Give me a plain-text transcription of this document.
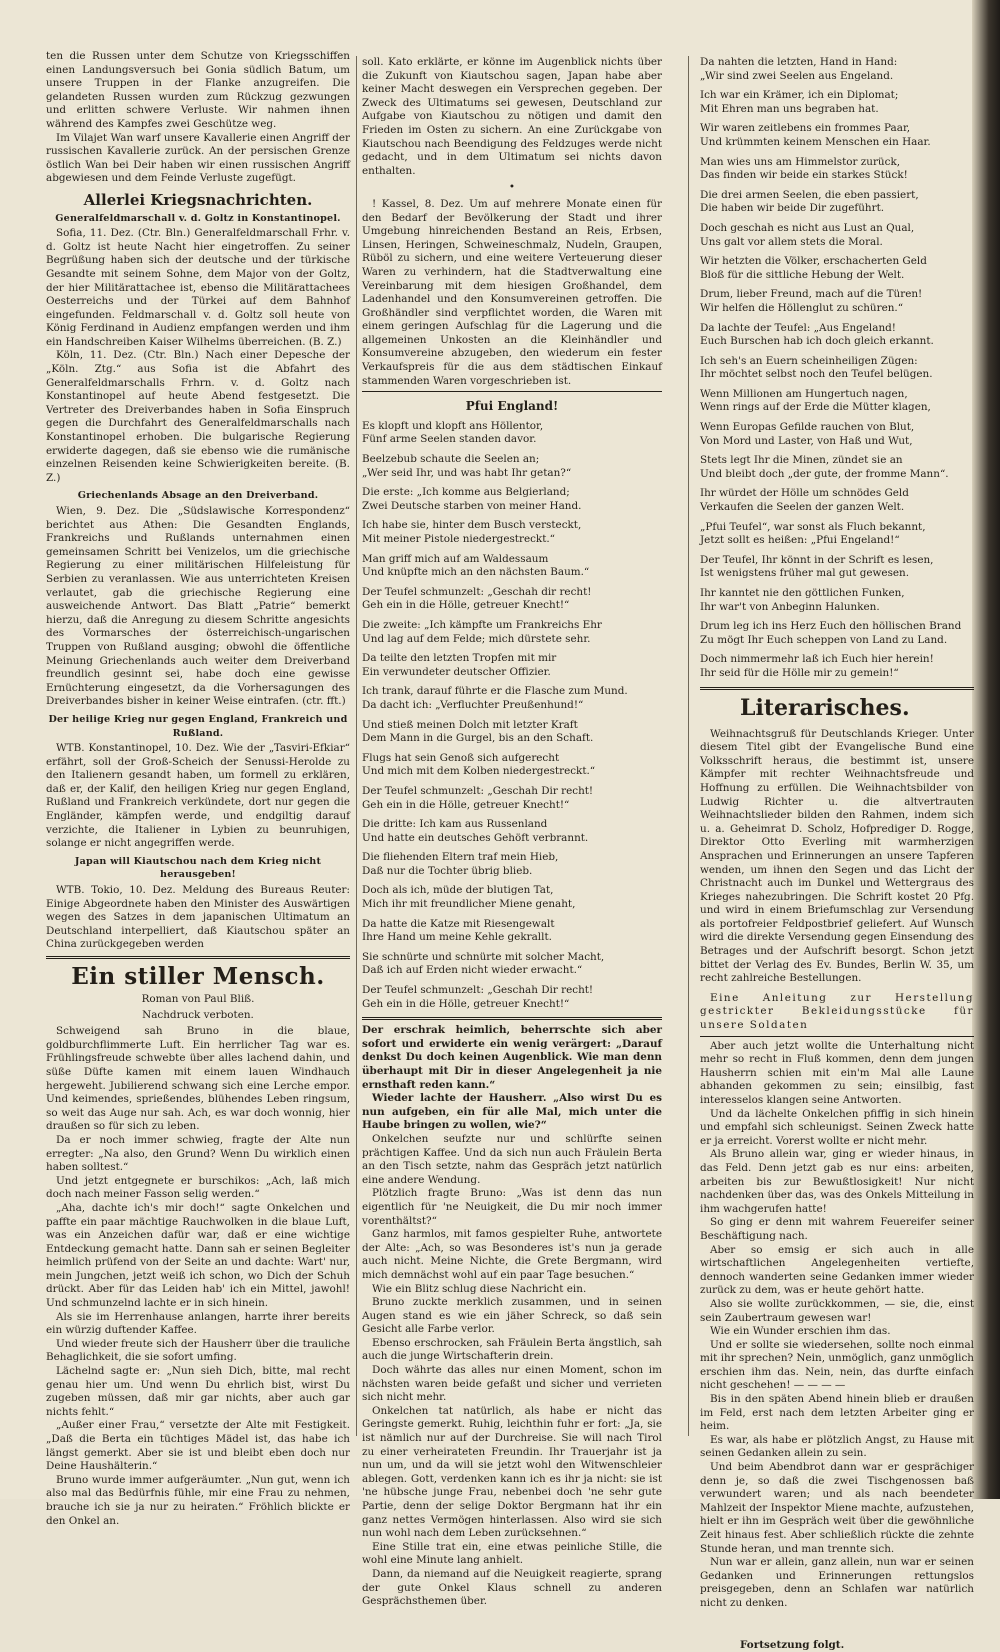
ten die Russen unter dem Schutze von Kriegsschiffen einen Landungsversuch bei Gonia südlich Batum, um unsere Truppen in der Flanke anzugreifen. Die gelandeten Russen wurden zum Rückzug gezwungen und erlitten schwere Verluste. Wir nahmen ihnen während des Kampfes zwei Geschütze weg.

Im Vilajet Wan warf unsere Kavallerie einen Angriff der russischen Kavallerie zurück. An der persischen Grenze östlich Wan bei Deir haben wir einen russischen Angriff abgewiesen und dem Feinde Verluste zugefügt.

Allerlei Kriegsnachrichten.
Generalfeldmarschall v. d. Goltz in Konstantinopel.

Sofia, 11. Dez. (Ctr. Bln.) Generalfeldmarschall Frhr. v. d. Goltz ist heute Nacht hier eingetroffen. Zu seiner Begrüßung haben sich der deutsche und der türkische Gesandte mit seinem Sohne, dem Major von der Goltz, der hier Militärattachee ist, ebenso die Militärattachees Oesterreichs und der Türkei auf dem Bahnhof eingefunden. Feldmarschall v. d. Goltz soll heute von König Ferdinand in Audienz empfangen werden und ihm ein Handschreiben Kaiser Wilhelms überreichen. (B. Z.)

Köln, 11. Dez. (Ctr. Bln.) Nach einer Depesche der „Köln. Ztg.“ aus Sofia ist die Abfahrt des Generalfeldmarschalls Frhrn. v. d. Goltz nach Konstantinopel auf heute Abend festgesetzt. Die Vertreter des Dreiverbandes haben in Sofia Einspruch gegen die Durchfahrt des Generalfeldmarschalls nach Konstantinopel erhoben. Die bulgarische Regierung erwiderte dagegen, daß sie ebenso wie die rumänische einzelnen Reisenden keine Schwierigkeiten bereite. (B. Z.)

Griechenlands Absage an den Dreiverband.

Wien, 9. Dez. Die „Südslawische Korrespondenz“ berichtet aus Athen: Die Gesandten Englands, Frankreichs und Rußlands unternahmen einen gemeinsamen Schritt bei Venizelos, um die griechische Regierung zu einer militärischen Hilfeleistung für Serbien zu veranlassen. Wie aus unterrichteten Kreisen verlautet, gab die griechische Regierung eine ausweichende Antwort. Das Blatt „Patrie“ bemerkt hierzu, daß die Anregung zu diesem Schritte angesichts des Vormarsches der österreichisch-ungarischen Truppen von Rußland ausging; obwohl die öffentliche Meinung Griechenlands auch weiter dem Dreiverband freundlich gesinnt sei, habe doch eine gewisse Ernüchterung eingesetzt, da die Vorhersagungen des Dreiverbandes bisher in keiner Weise eintrafen. (ctr. fft.)

Der heilige Krieg nur gegen England, Frankreich und Rußland.

WTB. Konstantinopel, 10. Dez. Wie der „Tasviri-Efkiar“ erfährt, soll der Groß-Scheich der Senussi-Herolde zu den Italienern gesandt haben, um formell zu erklären, daß er, der Kalif, den heiligen Krieg nur gegen England, Rußland und Frankreich verkündete, dort nur gegen die Engländer, kämpfen werde, und endgiltig darauf verzichte, die Italiener in Lybien zu beunruhigen, solange er nicht angegriffen werde.

Japan will Kiautschou nach dem Krieg nicht herausgeben!

WTB. Tokio, 10. Dez. Meldung des Bureaus Reuter: Einige Abgeordnete haben den Minister des Auswärtigen wegen des Satzes in dem japanischen Ultimatum an Deutschland interpelliert, daß Kiautschou später an China zurückgegeben werden

Ein stiller Mensch.
Roman von Paul Bliß.
Nachdruck verboten.

Schweigend sah Bruno in die blaue, goldburchflimmerte Luft. Ein herrlicher Tag war es. Frühlingsfreude schwebte über alles lachend dahin, und süße Düfte kamen mit einem lauen Windhauch hergeweht. Jubilierend schwang sich eine Lerche empor. Und keimendes, sprießendes, blühendes Leben ringsum, so weit das Auge nur sah. Ach, es war doch wonnig, hier draußen so für sich zu leben.

Da er noch immer schwieg, fragte der Alte nun erregter: „Na also, den Grund? Wenn Du wirklich einen haben solltest.“

Und jetzt entgegnete er burschikos: „Ach, laß mich doch nach meiner Fasson selig werden.“

„Aha, dachte ich's mir doch!“ sagte Onkelchen und paffte ein paar mächtige Rauchwolken in die blaue Luft, was ein Anzeichen dafür war, daß er eine wichtige Entdeckung gemacht hatte. Dann sah er seinen Begleiter heimlich prüfend von der Seite an und dachte: Wart' nur, mein Jungchen, jetzt weiß ich schon, wo Dich der Schuh drückt. Aber für das Leiden hab' ich ein Mittel, jawohl! Und schmunzelnd lachte er in sich hinein.

Als sie im Herrenhause anlangen, harrte ihrer bereits ein würzig duftender Kaffee.

Und wieder freute sich der Hausherr über die trauliche Behaglichkeit, die sie sofort umfing.

Lächelnd sagte er: „Nun sieh Dich, bitte, mal recht genau hier um. Und wenn Du ehrlich bist, wirst Du zugeben müssen, daß mir gar nichts, aber auch gar nichts fehlt.“

„Außer einer Frau,“ versetzte der Alte mit Festigkeit. „Daß die Berta ein tüchtiges Mädel ist, das habe ich längst gemerkt. Aber sie ist und bleibt eben doch nur Deine Haushälterin.“

Bruno wurde immer aufgeräumter. „Nun gut, wenn ich also mal das Bedürfnis fühle, mir eine Frau zu nehmen, brauche ich sie ja nur zu heiraten.“ Fröhlich blickte er den Onkel an.

soll. Kato erklärte, er könne im Augenblick nichts über die Zukunft von Kiautschou sagen, Japan habe aber keiner Macht deswegen ein Versprechen gegeben. Der Zweck des Ultimatums sei gewesen, Deutschland zur Aufgabe von Kiautschou zu nötigen und damit den Frieden im Osten zu sichern. An eine Zurückgabe von Kiautschou nach Beendigung des Feldzuges werde nicht gedacht, und in dem Ultimatum sei nichts davon enthalten.

•

! Kassel, 8. Dez. Um auf mehrere Monate einen für den Bedarf der Bevölkerung der Stadt und ihrer Umgebung hinreichenden Bestand an Reis, Erbsen, Linsen, Heringen, Schweineschmalz, Nudeln, Graupen, Rüböl zu sichern, und eine weitere Verteuerung dieser Waren zu verhindern, hat die Stadtverwaltung eine Vereinbarung mit dem hiesigen Großhandel, dem Ladenhandel und den Konsumvereinen getroffen. Die Großhändler sind verpflichtet worden, die Waren mit einem geringen Aufschlag für die Lagerung und die allgemeinen Unkosten an die Kleinhändler und Konsumvereine abzugeben, den wiederum ein fester Verkaufspreis für die aus dem städtischen Einkauf stammenden Waren vorgeschrieben ist.

Pfui England!
Es klopft und klopft ans Höllentor,
Fünf arme Seelen standen davor.
Beelzebub schaute die Seelen an;
„Wer seid Ihr, und was habt Ihr getan?“
Die erste: „Ich komme aus Belgierland;
Zwei Deutsche starben von meiner Hand.
Ich habe sie, hinter dem Busch versteckt,
Mit meiner Pistole niedergestreckt.“
Man griff mich auf am Waldessaum
Und knüpfte mich an den nächsten Baum.“
Der Teufel schmunzelt: „Geschah dir recht!
Geh ein in die Hölle, getreuer Knecht!“
Die zweite: „Ich kämpfte um Frankreichs Ehr
Und lag auf dem Felde; mich dürstete sehr.
Da teilte den letzten Tropfen mit mir
Ein verwundeter deutscher Offizier.
Ich trank, darauf führte er die Flasche zum Mund.
Da dacht ich: „Verfluchter Preußenhund!“
Und stieß meinen Dolch mit letzter Kraft
Dem Mann in die Gurgel, bis an den Schaft.
Flugs hat sein Genoß sich aufgerecht
Und mich mit dem Kolben niedergestreckt.“
Der Teufel schmunzelt: „Geschah Dir recht!
Geh ein in die Hölle, getreuer Knecht!“
Die dritte: Ich kam aus Russenland
Und hatte ein deutsches Gehöft verbrannt.
Die fliehenden Eltern traf mein Hieb,
Daß nur die Tochter übrig blieb.
Doch als ich, müde der blutigen Tat,
Mich ihr mit freundlicher Miene genaht,
Da hatte die Katze mit Riesengewalt
Ihre Hand um meine Kehle gekrallt.
Sie schnürte und schnürte mit solcher Macht,
Daß ich auf Erden nicht wieder erwacht.“
Der Teufel schmunzelt: „Geschah Dir recht!
Geh ein in die Hölle, getreuer Knecht!“

Der erschrak heimlich, beherrschte sich aber sofort und erwiderte ein wenig verärgert: „Darauf denkst Du doch keinen Augenblick. Wie man denn überhaupt mit Dir in dieser Angelegenheit ja nie ernsthaft reden kann.“

Wieder lachte der Hausherr. „Also wirst Du es nun aufgeben, ein für alle Mal, mich unter die Haube bringen zu wollen, wie?“

Onkelchen seufzte nur und schlürfte seinen prächtigen Kaffee. Und da sich nun auch Fräulein Berta an den Tisch setzte, nahm das Gespräch jetzt natürlich eine andere Wendung.

Plötzlich fragte Bruno: „Was ist denn das nun eigentlich für 'ne Neuigkeit, die Du mir noch immer vorenthältst?“

Ganz harmlos, mit famos gespielter Ruhe, antwortete der Alte: „Ach, so was Besonderes ist's nun ja gerade auch nicht. Meine Nichte, die Grete Bergmann, wird mich demnächst wohl auf ein paar Tage besuchen.“

Wie ein Blitz schlug diese Nachricht ein.

Bruno zuckte merklich zusammen, und in seinen Augen stand es wie ein jäher Schreck, so daß sein Gesicht alle Farbe verlor.

Ebenso erschrocken, sah Fräulein Berta ängstlich, sah auch die junge Wirtschafterin drein.

Doch währte das alles nur einen Moment, schon im nächsten waren beide gefaßt und sicher und verrieten sich nicht mehr.

Onkelchen tat natürlich, als habe er nicht das Geringste gemerkt. Ruhig, leichthin fuhr er fort: „Ja, sie ist nämlich nur auf der Durchreise. Sie will nach Tirol zu einer verheirateten Freundin. Ihr Trauerjahr ist ja nun um, und da will sie jetzt wohl den Witwenschleier ablegen. Gott, verdenken kann ich es ihr ja nicht: sie ist 'ne hübsche junge Frau, nebenbei doch 'ne sehr gute Partie, denn der selige Doktor Bergmann hat ihr ein ganz nettes Vermögen hinterlassen. Also wird sie sich nun wohl nach dem Leben zurücksehnen.“

Eine Stille trat ein, eine etwas peinliche Stille, die wohl eine Minute lang anhielt.

Dann, da niemand auf die Neuigkeit reagierte, sprang der gute Onkel Klaus schnell zu anderen Gesprächsthemen über.

Da nahten die letzten, Hand in Hand:
„Wir sind zwei Seelen aus Engeland.
Ich war ein Krämer, ich ein Diplomat;
Mit Ehren man uns begraben hat.
Wir waren zeitlebens ein frommes Paar,
Und krümmten keinem Menschen ein Haar.
Man wies uns am Himmelstor zurück,
Das finden wir beide ein starkes Stück!
Die drei armen Seelen, die eben passiert,
Die haben wir beide Dir zugeführt.
Doch geschah es nicht aus Lust an Qual,
Uns galt vor allem stets die Moral.
Wir hetzten die Völker, erschacherten Geld
Bloß für die sittliche Hebung der Welt.
Drum, lieber Freund, mach auf die Türen!
Wir helfen die Höllenglut zu schüren.“
Da lachte der Teufel: „Aus Engeland!
Euch Burschen hab ich doch gleich erkannt.
Ich seh's an Euern scheinheiligen Zügen:
Ihr möchtet selbst noch den Teufel belügen.
Wenn Millionen am Hungertuch nagen,
Wenn rings auf der Erde die Mütter klagen,
Wenn Europas Gefilde rauchen von Blut,
Von Mord und Laster, von Haß und Wut,
Stets legt Ihr die Minen, zündet sie an
Und bleibt doch „der gute, der fromme Mann“.
Ihr würdet der Hölle um schnödes Geld
Verkaufen die Seelen der ganzen Welt.
„Pfui Teufel“, war sonst als Fluch bekannt,
Jetzt sollt es heißen: „Pfui Engeland!“
Der Teufel, Ihr könnt in der Schrift es lesen,
Ist wenigstens früher mal gut gewesen.
Ihr kanntet nie den göttlichen Funken,
Ihr war't von Anbeginn Halunken.
Drum leg ich ins Herz Euch den höllischen Brand
Zu mögt Ihr Euch scheppen von Land zu Land.
Doch nimmermehr laß ich Euch hier herein!
Ihr seid für die Hölle mir zu gemein!“
Literarisches.

Weihnachtsgruß für Deutschlands Krieger. Unter diesem Titel gibt der Evangelische Bund eine Volksschrift heraus, die bestimmt ist, unsere Kämpfer mit rechter Weihnachtsfreude und Hoffnung zu erfüllen. Die Weihnachtsbilder von Ludwig Richter u. die altvertrauten Weihnachtslieder bilden den Rahmen, indem sich u. a. Geheimrat D. Scholz, Hofprediger D. Rogge, Direktor Otto Everling mit warmherzigen Ansprachen und Erinnerungen an unsere Tapferen wenden, um ihnen den Segen und das Licht der Christnacht auch im Dunkel und Wettergraus des Krieges nahezubringen. Die Schrift kostet 20 Pfg. und wird in einem Briefumschlag zur Versendung als portofreier Feldpostbrief geliefert. Auf Wunsch wird die direkte Versendung gegen Einsendung des Betrages und der Aufschrift besorgt. Schon jetzt bittet der Verlag des Ev. Bundes, Berlin W. 35, um recht zahlreiche Bestellungen.

Eine Anleitung zur Herstellung gestrickter Bekleidungsstücke für unsere Soldaten

Aber auch jetzt wollte die Unterhaltung nicht mehr so recht in Fluß kommen, denn dem jungen Hausherrn schien mit ein'm Mal alle Laune abhanden gekommen zu sein; einsilbig, fast interesselos klangen seine Antworten.

Und da lächelte Onkelchen pfiffig in sich hinein und empfahl sich schleunigst. Seinen Zweck hatte er ja erreicht. Vorerst wollte er nicht mehr.

Als Bruno allein war, ging er wieder hinaus, in das Feld. Denn jetzt gab es nur eins: arbeiten, arbeiten bis zur Bewußtlosigkeit! Nur nicht nachdenken über das, was des Onkels Mitteilung in ihm wachgerufen hatte!

So ging er denn mit wahrem Feuereifer seiner Beschäftigung nach.

Aber so emsig er sich auch in alle wirtschaftlichen Angelegenheiten vertiefte, dennoch wanderten seine Gedanken immer wieder zurück zu dem, was er heute gehört hatte.

Also sie wollte zurückkommen, — sie, die, einst sein Zaubertraum gewesen war!

Wie ein Wunder erschien ihm das.

Und er sollte sie wiedersehen, sollte noch einmal mit ihr sprechen? Nein, unmöglich, ganz unmöglich erschien ihm das. Nein, nein, das durfte einfach nicht geschehen! — — — —

Bis in den späten Abend hinein blieb er draußen im Feld, erst nach dem letzten Arbeiter ging er heim.

Es war, als habe er plötzlich Angst, zu Hause mit seinen Gedanken allein zu sein.

Und beim Abendbrot dann war er gesprächiger denn je, so daß die zwei Tischgenossen baß verwundert waren; und als nach beendeter Mahlzeit der Inspektor Miene machte, aufzustehen, hielt er ihn im Gespräch weit über die gewöhnliche Zeit hinaus fest. Aber schließlich rückte die zehnte Stunde heran, und man trennte sich.

Nun war er allein, ganz allein, nun war er seinen Gedanken und Erinnerungen rettungslos preisgegeben, denn an Schlafen war natürlich nicht zu denken.

Fortsetzung folgt.
